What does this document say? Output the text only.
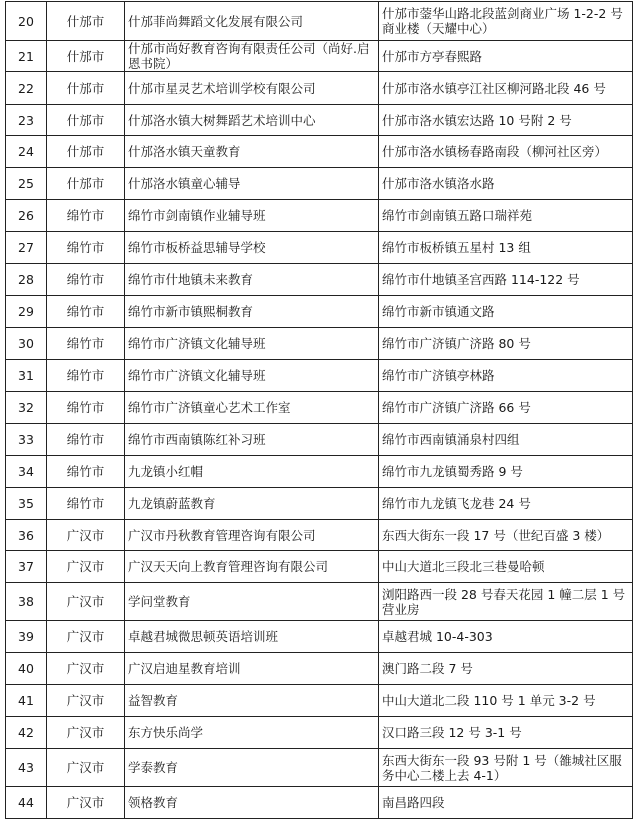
20	什邡市	什邡菲尚舞蹈文化发展有限公司	什邡市蓥华山路北段蓝剑商业广场 1-2-2 号商业楼（天耀中心）
21	什邡市	什邡市尚好教育咨询有限责任公司（尚好.启恩书院）	什邡市方亭春熙路
22	什邡市	什邡市星灵艺术培训学校有限公司	什邡市洛水镇亭江社区柳河路北段 46 号
23	什邡市	什邡洛水镇大树舞蹈艺术培训中心	什邡市洛水镇宏达路 10 号附 2 号
24	什邡市	什邡洛水镇天童教育	什邡市洛水镇杨春路南段（柳河社区旁）
25	什邡市	什邡洛水镇童心辅导	什邡市洛水镇洛水路
26	绵竹市	绵竹市剑南镇作业辅导班	绵竹市剑南镇五路口瑞祥苑
27	绵竹市	绵竹市板桥益思辅导学校	绵竹市板桥镇五星村 13 组
28	绵竹市	绵竹市什地镇未来教育	绵竹市什地镇圣宫西路 114-122 号
29	绵竹市	绵竹市新市镇熙桐教育	绵竹市新市镇通文路
30	绵竹市	绵竹市广济镇文化辅导班	绵竹市广济镇广济路 80 号
31	绵竹市	绵竹市广济镇文化辅导班	绵竹市广济镇亭林路
32	绵竹市	绵竹市广济镇童心艺术工作室	绵竹市广济镇广济路 66 号
33	绵竹市	绵竹市西南镇陈红补习班	绵竹市西南镇涌泉村四组
34	绵竹市	九龙镇小红帽	绵竹市九龙镇蜀秀路 9 号
35	绵竹市	九龙镇蔚蓝教育	绵竹市九龙镇飞龙巷 24 号
36	广汉市	广汉市丹秋教育管理咨询有限公司	东西大街东一段 17 号（世纪百盛 3 楼）
37	广汉市	广汉天天向上教育管理咨询有限公司	中山大道北三段北三巷曼哈顿
38	广汉市	学问堂教育	浏阳路西一段 28 号春天花园 1 幢二层 1 号营业房
39	广汉市	卓越君城微思顿英语培训班	卓越君城 10-4-303
40	广汉市	广汉启迪星教育培训	澳门路二段 7 号
41	广汉市	益智教育	中山大道北二段 110 号 1 单元 3-2 号
42	广汉市	东方快乐尚学	汉口路三段 12 号 3-1 号
43	广汉市	学泰教育	东西大街东一段 93 号附 1 号（雒城社区服务中心二楼上去 4-1）
44	广汉市	领格教育	南昌路四段
